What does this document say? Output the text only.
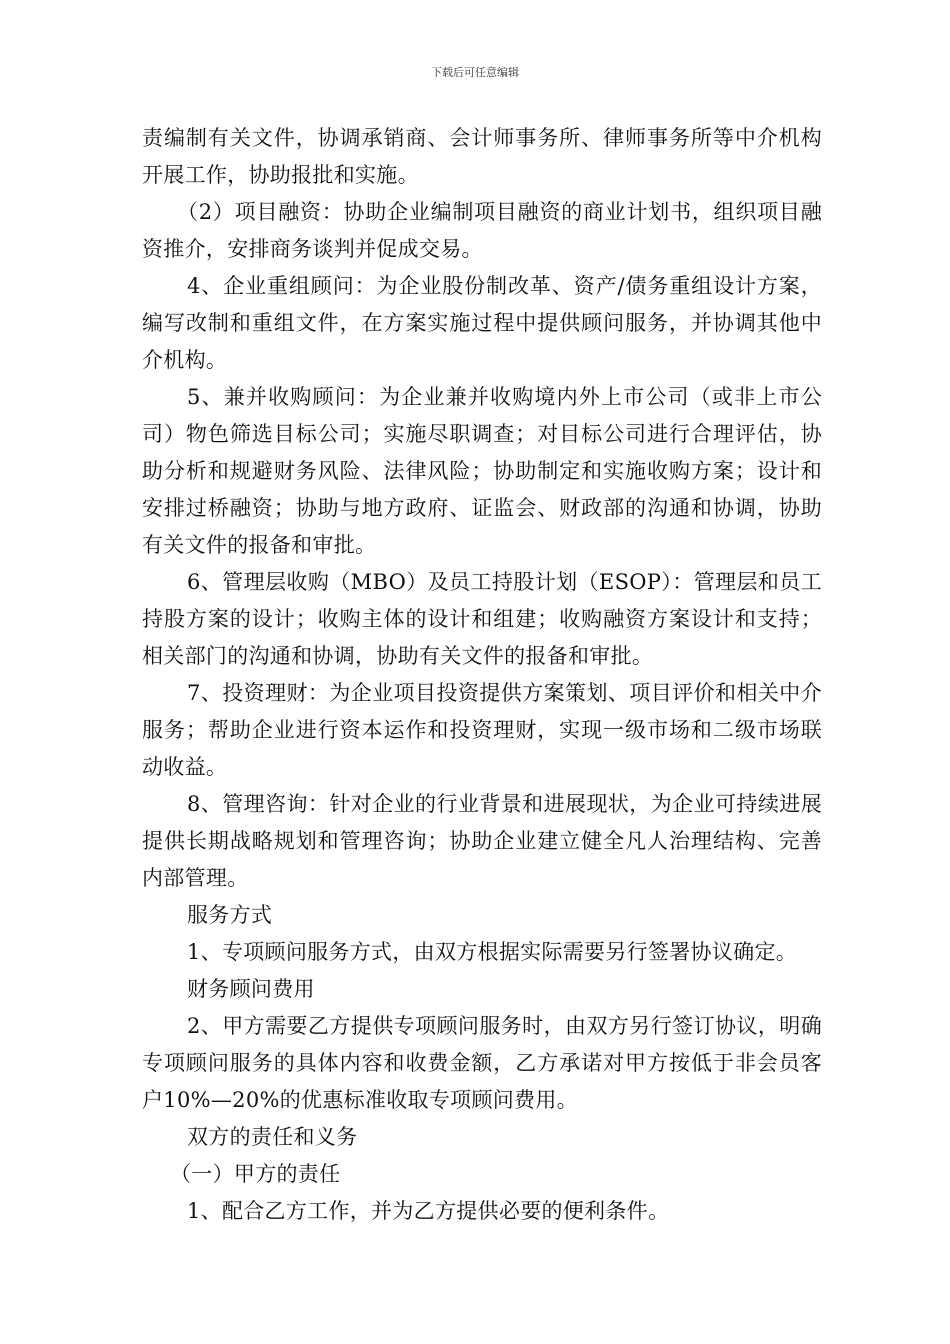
下载后可任意编辑

责编制有关文件，协调承销商、会计师事务所、律师事务所等中介机构开展工作，协助报批和实施。

（2）项目融资：协助企业编制项目融资的商业计划书，组织项目融资推介，安排商务谈判并促成交易。

4、企业重组顾问：为企业股份制改革、资产/债务重组设计方案，编写改制和重组文件，在方案实施过程中提供顾问服务，并协调其他中介机构。

5、兼并收购顾问：为企业兼并收购境内外上市公司（或非上市公司）物色筛选目标公司；实施尽职调查；对目标公司进行合理评估，协助分析和规避财务风险、法律风险；协助制定和实施收购方案；设计和安排过桥融资；协助与地方政府、证监会、财政部的沟通和协调，协助有关文件的报备和审批。

6、管理层收购（MBO）及员工持股计划（ESOP）：管理层和员工持股方案的设计；收购主体的设计和组建；收购融资方案设计和支持；相关部门的沟通和协调，协助有关文件的报备和审批。

7、投资理财：为企业项目投资提供方案策划、项目评价和相关中介服务；帮助企业进行资本运作和投资理财，实现一级市场和二级市场联动收益。

8、管理咨询：针对企业的行业背景和进展现状，为企业可持续进展提供长期战略规划和管理咨询；协助企业建立健全凡人治理结构、完善内部管理。

服务方式

1、专项顾问服务方式，由双方根据实际需要另行签署协议确定。

财务顾问费用

2、甲方需要乙方提供专项顾问服务时，由双方另行签订协议，明确专项顾问服务的具体内容和收费金额，乙方承诺对甲方按低于非会员客户10%—20%的优惠标准收取专项顾问费用。

双方的责任和义务

（一）甲方的责任

1、配合乙方工作，并为乙方提供必要的便利条件。
